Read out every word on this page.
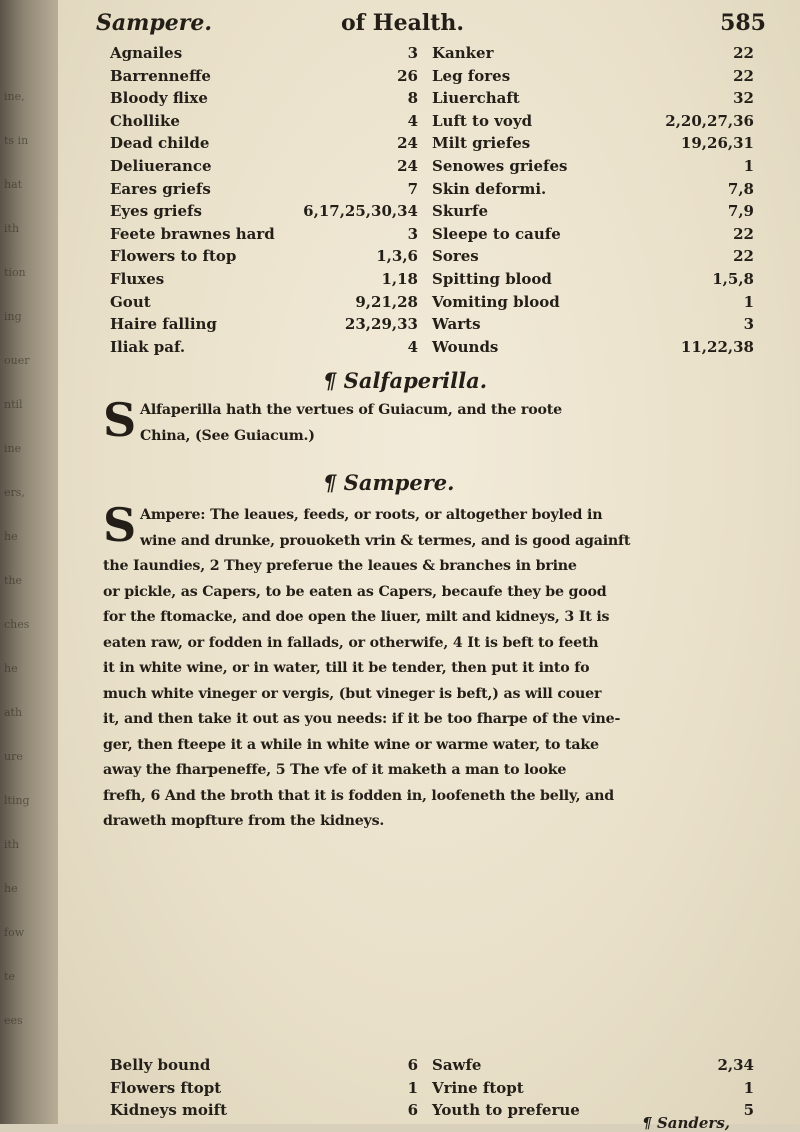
ine,
ts in
hat
ith
tion
ing
ouer
ntil
ine
ers,
he
the
ches
he
ath
ure
lting
ith
he
fow
te
ees
Sampere.	of Health.	585
Agnailes	3 Kanker	22
Barrenneffe	26 Leg fores	22
Bloody flixe	8 Liuerchaft	32
Chollike	4 Luft to voyd	2,20,27,36
Dead childe	24 Milt griefes	19,26,31
Deliuerance	24 Senowes griefes	1
Eares griefs	7 Skin deformi.	7,8
Eyes griefs	6,17,25,30,34 Skurfe	7,9
Feete brawnes hard	3 Sleepe to caufe	22
Flowers to ftop	1,3,6 Sores	22
Fluxes	1,18 Spitting blood	1,5,8
Gout	9,21,28 Vomiting blood	1
Haire falling	23,29,33 Warts	3
Iliak paf.	4 Wounds	11,22,38
¶ Salfaperilla.
S Alfaperilla hath the vertues of Guiacum, and the roote
China, (See Guiacum.)
¶ Sampere.
S Ampere: The leaues, feeds, or roots, or altogether boyled in
wine and drunke, prouoketh vrin & termes, and is good againft
the Iaundies, 2 They preferue the leaues & branches in brine
or pickle, as Capers, to be eaten as Capers, becaufe they be good
for the ftomacke, and doe open the liuer, milt and kidneys, 3 It is
eaten raw, or fodden in fallads, or otherwife, 4 It is beft to feeth
it in white wine, or in water, till it be tender, then put it into fo
much white vineger or vergis, (but vineger is beft,) as will couer
it, and then take it out as you needs: if it be too fharpe of the vine-
ger, then fteepe it a while in white wine or warme water, to take
away the fharpeneffe, 5 The vfe of it maketh a man to looke
frefh, 6 And the broth that it is fodden in, loofeneth the belly, and
draweth mopfture from the kidneys.
Belly bound	6 Sawfe	2,34
Flowers ftopt	1 Vrine ftopt	1
Kidneys moift	6 Youth to preferue	5
¶ Sanders,
